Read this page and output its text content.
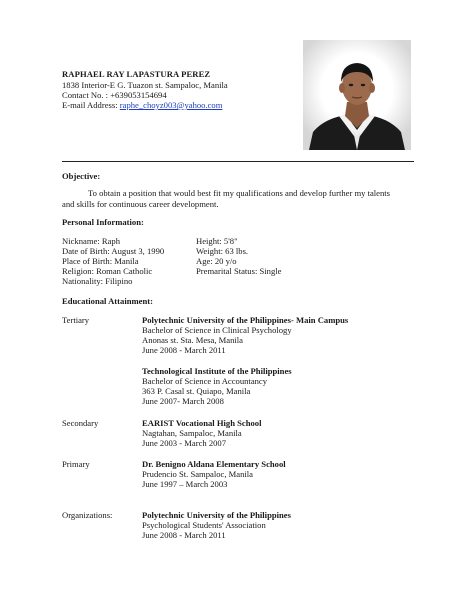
RAPHAEL RAY LAPASTURA PEREZ
1838 Interior-E G. Tuazon st. Sampaloc, Manila
Contact No. : +639053154694
E-mail Address: raphe_choyz003@yahoo.com
Objective:
To obtain a position that would best fit my qualifications and develop further my talents
and skills for continuous career development.
Personal Information:
Nickname: Raph
Date of Birth: August 3, 1990
Place of Birth: Manila
Religion: Roman Catholic
Nationality: Filipino
Height: 5'8"
Weight: 63 lbs.
Age: 20 y/o
Premarital Status: Single
Educational Attainment:
Tertiary	Polytechnic University of the Philippines- Main Campus
Bachelor of Science in Clinical Psychology
Anonas st. Sta. Mesa, Manila
June 2008 - March 2011
Technological Institute of the Philippines
Bachelor of Science in Accountancy
363 P. Casal st. Quiapo, Manila
June 2007- March 2008
Secondary	EARIST Vocational High School
Nagtahan, Sampaloc, Manila
June 2003 - March 2007
Primary	Dr. Benigno Aldana Elementary School
Prudencio St. Sampaloc, Manila
June 1997 – March 2003
Organizations:	Polytechnic University of the Philippines
Psychological Students' Association
June 2008 - March 2011
